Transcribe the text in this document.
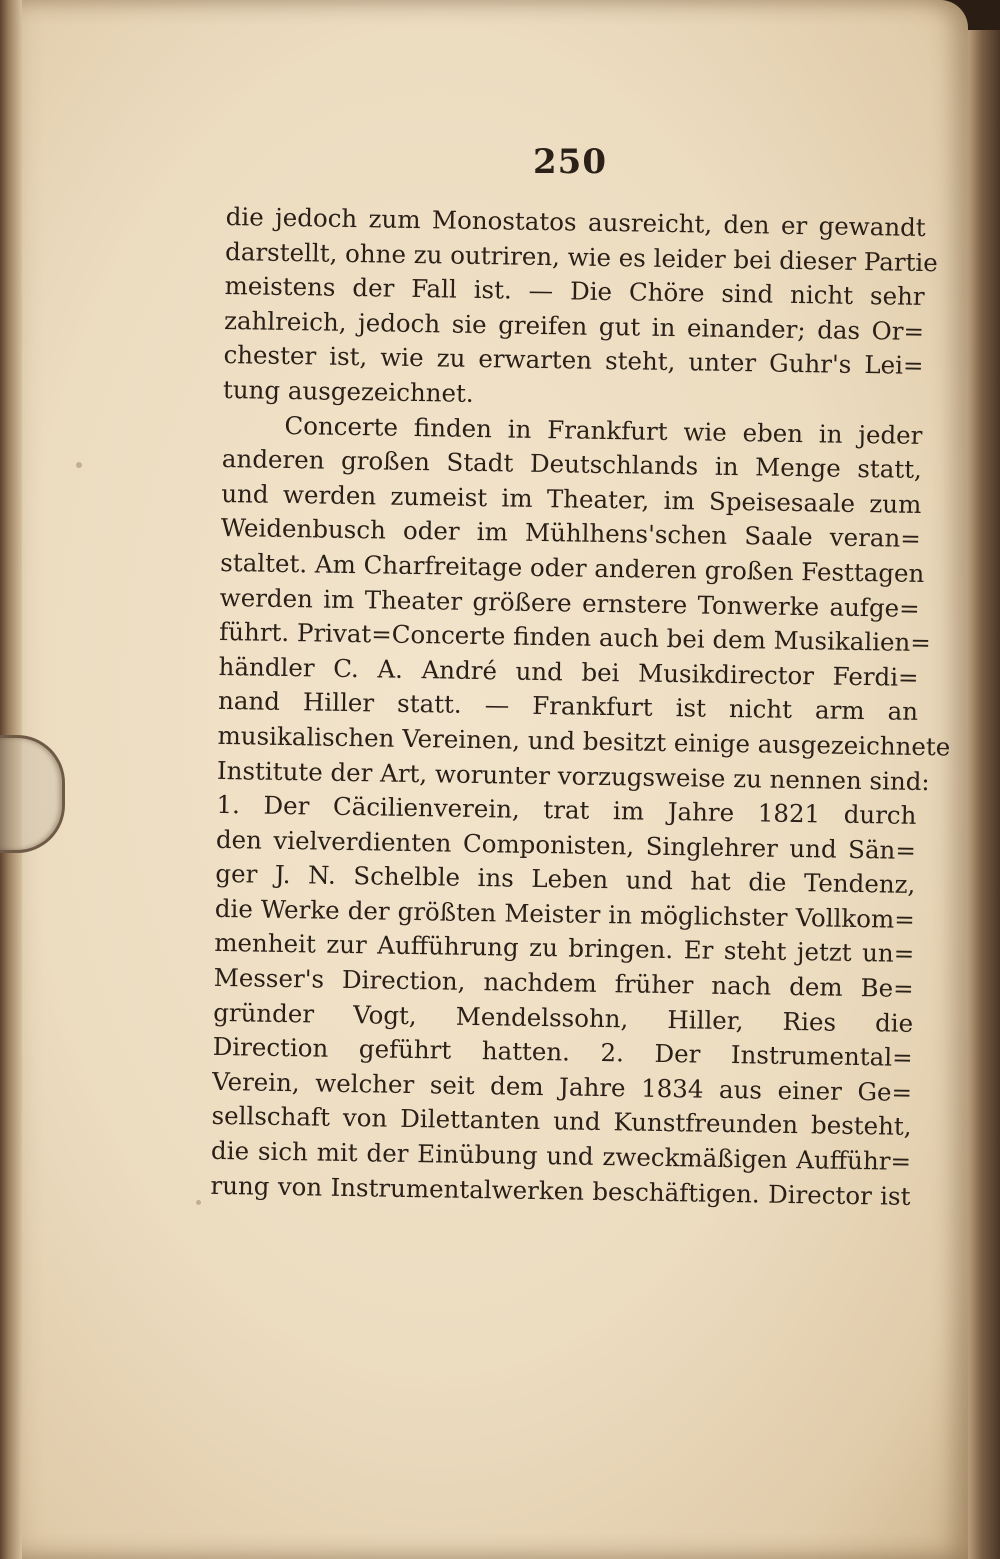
250
die jedoch zum Monostatos ausreicht, den er gewandt
darstellt, ohne zu outriren, wie es leider bei dieser Partie
meistens der Fall ist. — Die Chöre sind nicht sehr
zahlreich, jedoch sie greifen gut in einander; das Or=
chester ist, wie zu erwarten steht, unter Guhr's Lei=
tung ausgezeichnet.
Concerte finden in Frankfurt wie eben in jeder
anderen großen Stadt Deutschlands in Menge statt,
und werden zumeist im Theater, im Speisesaale zum
Weidenbusch oder im Mühlhens'schen Saale veran=
staltet. Am Charfreitage oder anderen großen Festtagen
werden im Theater größere ernstere Tonwerke aufge=
führt. Privat=Concerte finden auch bei dem Musikalien=
händler C. A. André und bei Musikdirector Ferdi=
nand Hiller statt. — Frankfurt ist nicht arm an
musikalischen Vereinen, und besitzt einige ausgezeichnete
Institute der Art, worunter vorzugsweise zu nennen sind:
1. Der Cäcilienverein, trat im Jahre 1821 durch
den vielverdienten Componisten, Singlehrer und Sän=
ger J. N. Schelble ins Leben und hat die Tendenz,
die Werke der größten Meister in möglichster Vollkom=
menheit zur Aufführung zu bringen. Er steht jetzt un=
Messer's Direction, nachdem früher nach dem Be=
gründer Vogt, Mendelssohn, Hiller, Ries die
Direction geführt hatten. 2. Der Instrumental=
Verein, welcher seit dem Jahre 1834 aus einer Ge=
sellschaft von Dilettanten und Kunstfreunden besteht,
die sich mit der Einübung und zweckmäßigen Aufführ=
rung von Instrumentalwerken beschäftigen. Director ist
